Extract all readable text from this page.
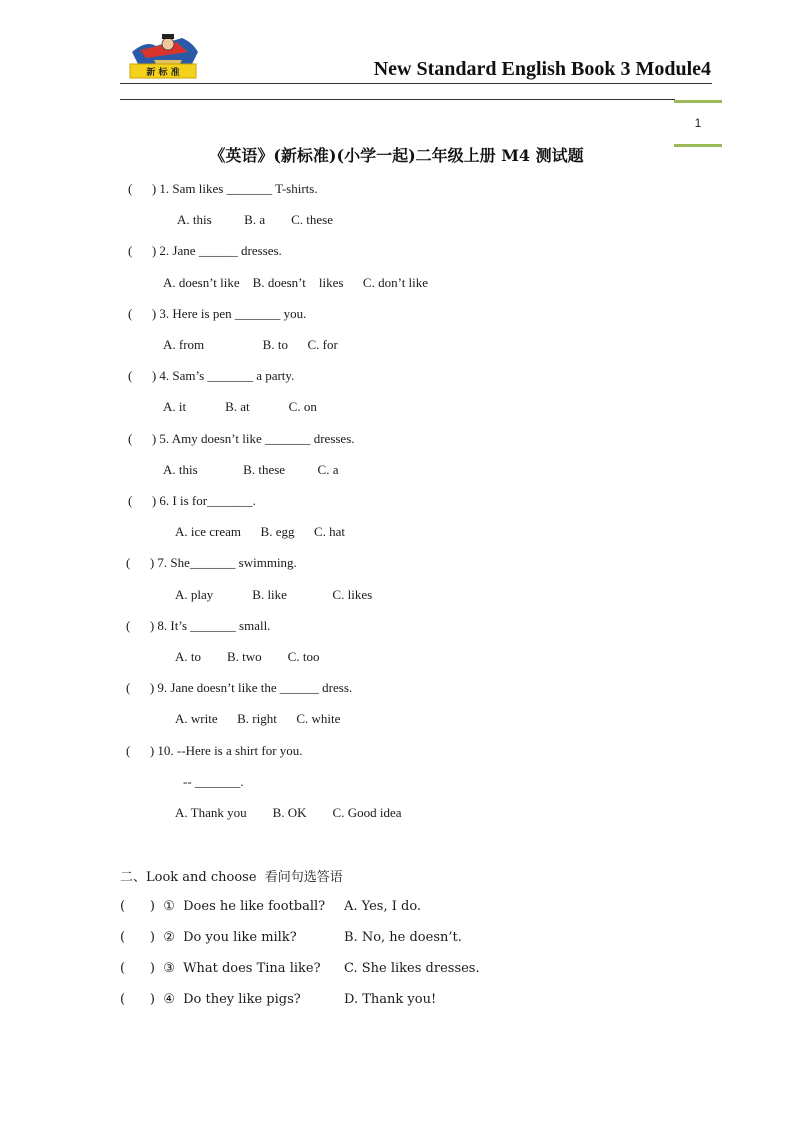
新 标 准	New Standard English Book 3 Module4
1
《英语》(新标准)(小学一起)二年级上册 M4 测试题
(      ) 1. Sam likes _______ T-shirts.
A. this          B. a        C. these
(      ) 2. Jane ______ dresses.
A. doesn’t like    B. doesn’t    likes      C. don’t like
(      ) 3. Here is pen _______ you.
A. from                  B. to      C. for
(      ) 4. Sam’s _______ a party.
A. it            B. at            C. on
(      ) 5. Amy doesn’t like _______ dresses.
A. this              B. these          C. a
(      ) 6. I is for_______.
A. ice cream      B. egg      C. hat
(      ) 7. She_______ swimming.
A. play            B. like              C. likes
(      ) 8. It’s _______ small.
A. to        B. two        C. too
(      ) 9. Jane doesn’t like the ______ dress.
A. write      B. right      C. white
(      ) 10. --Here is a shirt for you.
-- _______.
A. Thank you        B. OK        C. Good idea
二、Look and choose  看问句选答语
(      )  ①  Does he like football? A. Yes, I do.
(      )  ②  Do you like milk?	B. No, he doesn’t.
(      )  ③  What does Tina like? C. She likes dresses.
(      )  ④  Do they like pigs?	D. Thank you!
